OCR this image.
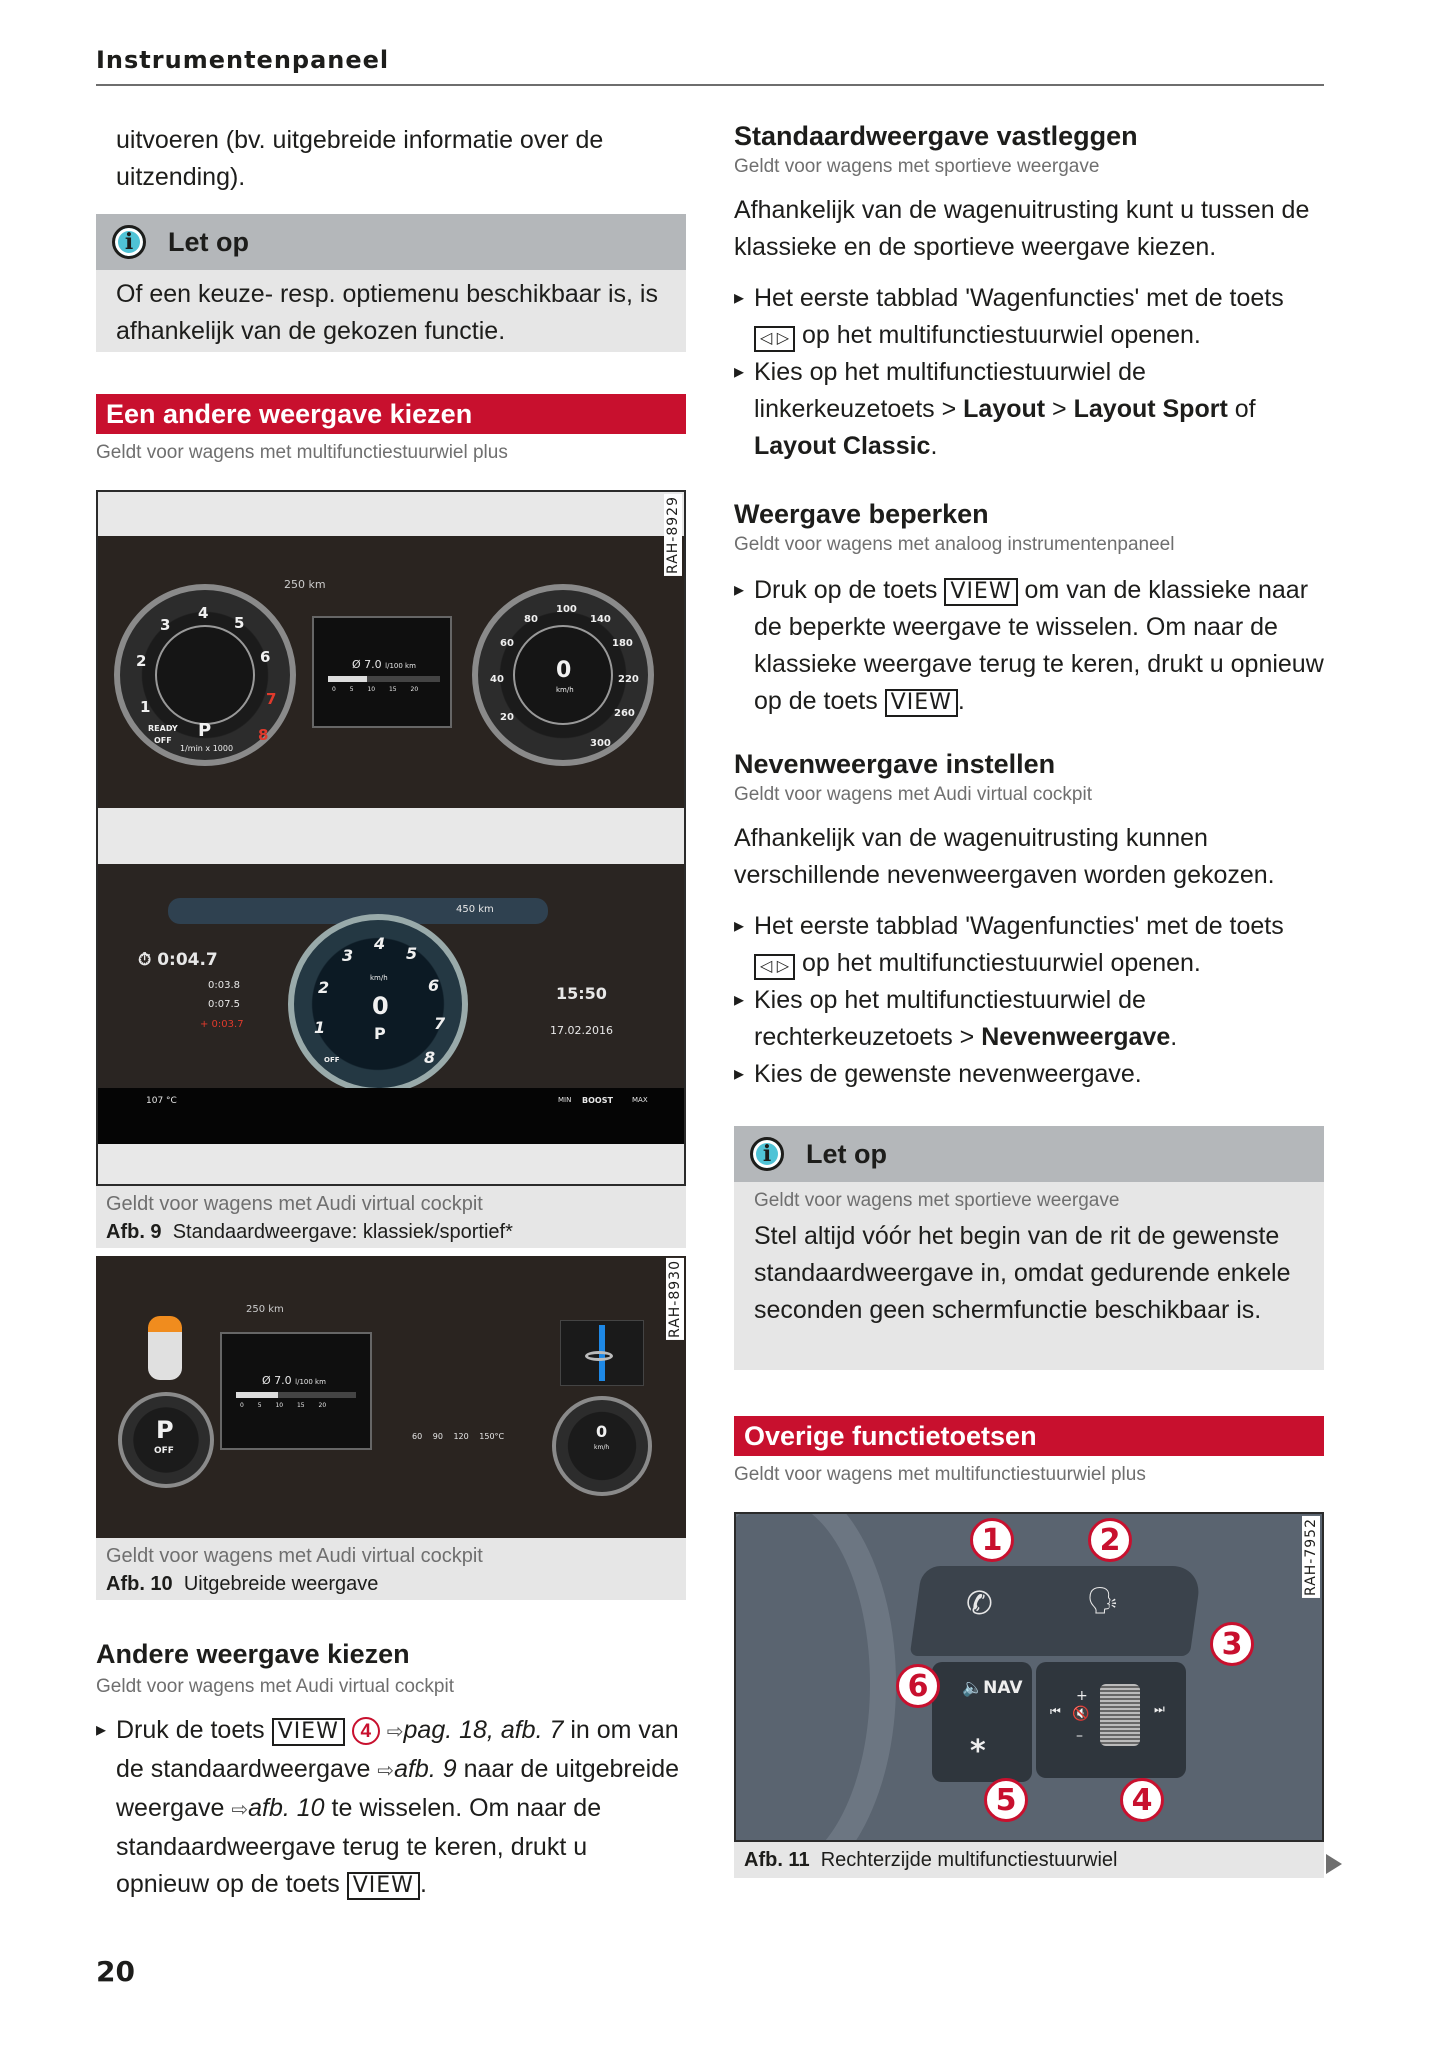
Instrumentenpaneel

uitvoeren (bv. uitgebreide informatie over de uitzending).

i	Let op
Of een keuze- resp. optiemenu beschikbaar is, is afhankelijk van de gekozen functie.
Een andere weergave kiezen
Geldt voor wagens met multifunctiestuurwiel plus
250 km
1
2
3
4
5
6
7
8
P
READY
OFF
1/min x 1000
Ø 7.0 l/100 km
0 5 10 15 20
20
40
60
80
100
140
180
220
260
300
0
km/h
450 km
⏱ 0:04.7
0:03.8
0:07.5
+ 0:03.7	1
2
3
4
5
6
7
8
0
km/h
P
OFF
15:50
17.02.2016
107 °C	MIN BOOST	MAX
RAH-8929
Geldt voor wagens met Audi virtual cockpit
Afb. 9 Standaardweergave: klassiek/sportief*
250 km
P
OFF
Ø 7.0 l/100 km
0 5 10 15 20
60 90 120 150°C	0
km/h
RAH-8930
Geldt voor wagens met Audi virtual cockpit
Afb. 10 Uitgebreide weergave
Andere weergave kiezen
Geldt voor wagens met Audi virtual cockpit
▸ Druk de toets VIEW 4 ⇨pag. 18, afb. 7 in om van de standaardweergave ⇨afb. 9 naar de uitgebreide weergave ⇨afb. 10 te wisselen. Om naar de standaardweergave terug te keren, drukt u opnieuw op de toets VIEW .
20
Standaardweergave vastleggen
Geldt voor wagens met sportieve weergave

Afhankelijk van de wagenuitrusting kunt u tussen de klassieke en de sportieve weergave kiezen.

▸ Het eerste tabblad 'Wagenfuncties' met de toets ◁ ▷ op het multifunctiestuurwiel openen.
▸ Kies op het multifunctiestuurwiel de linkerkeuzetoets > Layout > Layout Sport of Layout Classic.
Weergave beperken
Geldt voor wagens met analoog instrumentenpaneel
▸ Druk op de toets VIEW om van de klassieke naar de beperkte weergave te wisselen. Om naar de klassieke weergave terug te keren, drukt u opnieuw op de toets VIEW .
Nevenweergave instellen
Geldt voor wagens met Audi virtual cockpit

Afhankelijk van de wagenuitrusting kunnen verschillende nevenweergaven worden gekozen.

▸ Het eerste tabblad 'Wagenfuncties' met de toets ◁ ▷ op het multifunctiestuurwiel openen.
▸ Kies op het multifunctiestuurwiel de rechterkeuzetoets > Nevenweergave.
▸ Kies de gewenste nevenweergave.
i	Let op
Geldt voor wagens met sportieve weergave
Stel altijd vóór het begin van de rit de gewenste standaardweergave in, omdat gedurende enkele seconden geen schermfunctie beschikbaar is.
Overige functietoetsen
Geldt voor wagens met multifunctiestuurwiel plus
✆	🗣
🔈NAV
*
⏮
+
🔇
–
⏭
1	2
3
4
5
6
RAH-7952
Afb. 11 Rechterzijde multifunctiestuurwiel
